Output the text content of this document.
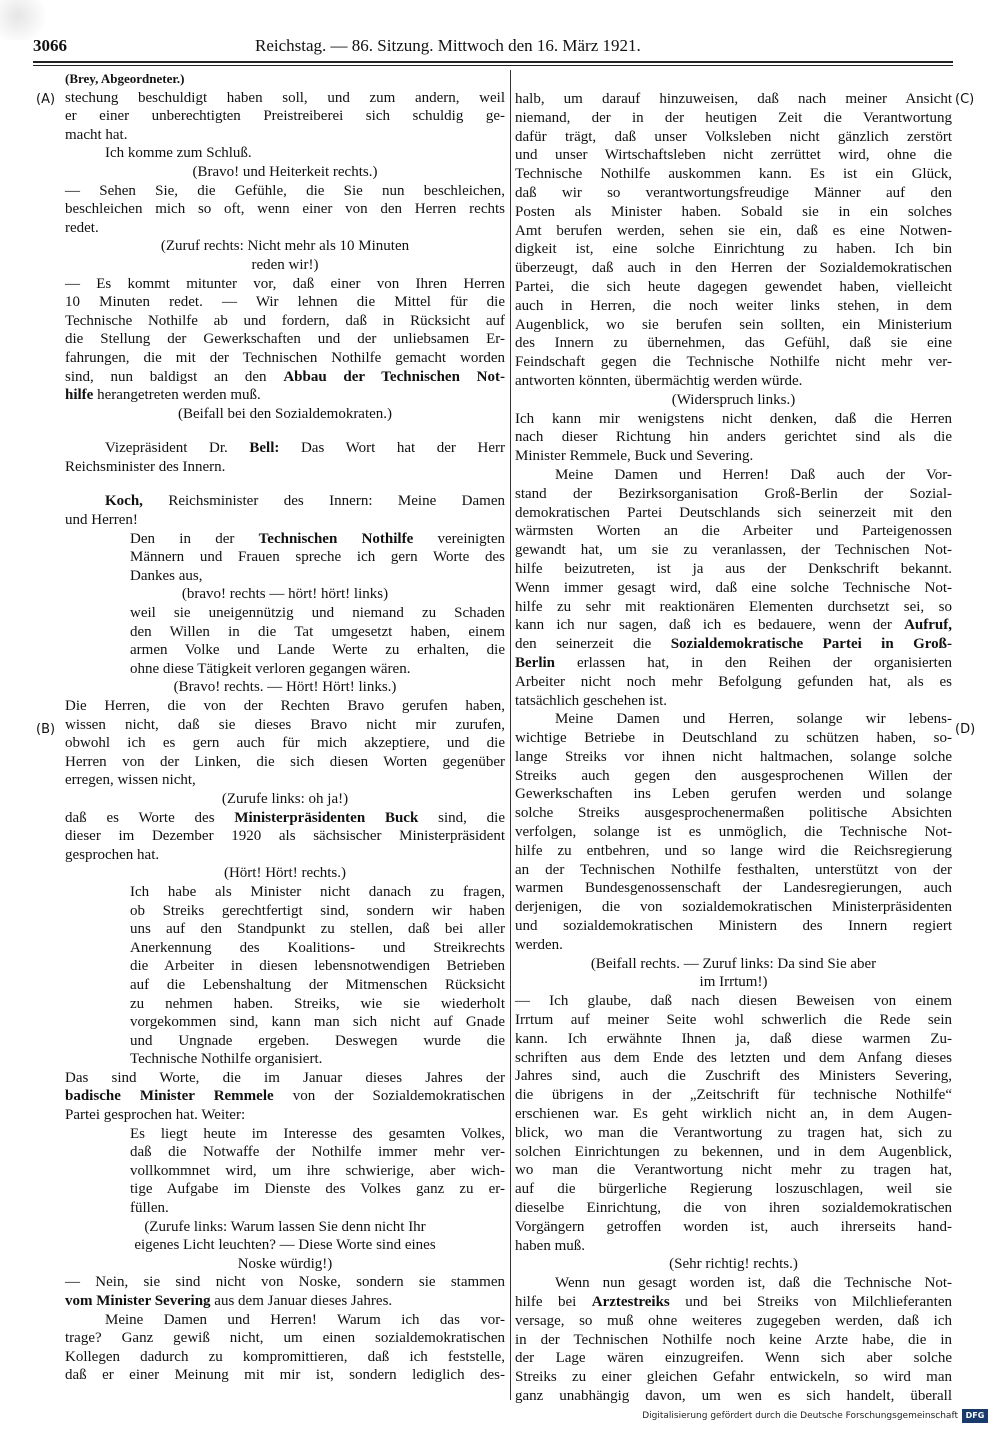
3066	Reichstag. — 86. Sitzung. Mittwoch den 16. März 1921.
(A)
(B)
(C)
(D)
(Brey, Abgeordneter.)
stechung beschuldigt haben soll, und zum andern, weil
er einer unberechtigten Preistreiberei sich schuldig ge-
macht hat.
Ich komme zum Schluß.
(Bravo! und Heiterkeit rechts.)
— Sehen Sie, die Gefühle, die Sie nun beschleichen,
beschleichen mich so oft, wenn einer von den Herren rechts
redet.
(Zuruf rechts: Nicht mehr als 10 Minuten
reden wir!)
— Es kommt mitunter vor, daß einer von Ihren Herren
10 Minuten redet. — Wir lehnen die Mittel für die
Technische Nothilfe ab und fordern, daß in Rücksicht auf
die Stellung der Gewerkschaften und der unliebsamen Er-
fahrungen, die mit der Technischen Nothilfe gemacht worden
sind, nun baldigst an den Abbau der Technischen Not-
hilfe herangetreten werden muß.
(Beifall bei den Sozialdemokraten.)
Vizepräsident Dr. Bell: Das Wort hat der Herr
Reichsminister des Innern.
Koch, Reichsminister des Innern: Meine Damen
und Herren!
Den in der Technischen Nothilfe vereinigten
Männern und Frauen spreche ich gern Worte des
Dankes aus,
(bravo! rechts — hört! hört! links)
weil sie uneigennützig und niemand zu Schaden
den Willen in die Tat umgesetzt haben, einem
armen Volke und Lande Werte zu erhalten, die
ohne diese Tätigkeit verloren gegangen wären.
(Bravo! rechts. — Hört! Hört! links.)
Die Herren, die von der Rechten Bravo gerufen haben,
wissen nicht, daß sie dieses Bravo nicht mir zurufen,
obwohl ich es gern auch für mich akzeptiere, und die
Herren von der Linken, die sich diesen Worten gegenüber
erregen, wissen nicht,
(Zurufe links: oh ja!)
daß es Worte des Ministerpräsidenten Buck sind, die
dieser im Dezember 1920 als sächsischer Ministerpräsident
gesprochen hat.
(Hört! Hört! rechts.)
Ich habe als Minister nicht danach zu fragen,
ob Streiks gerechtfertigt sind, sondern wir haben
uns auf den Standpunkt zu stellen, daß bei aller
Anerkennung des Koalitions- und Streikrechts
die Arbeiter in diesen lebensnotwendigen Betrieben
auf die Lebenshaltung der Mitmenschen Rücksicht
zu nehmen haben. Streiks, wie sie wiederholt
vorgekommen sind, kann man sich nicht auf Gnade
und Ungnade ergeben. Deswegen wurde die
Technische Nothilfe organisiert.
Das sind Worte, die im Januar dieses Jahres der
badische Minister Remmele von der Sozialdemokratischen
Partei gesprochen hat. Weiter:
Es liegt heute im Interesse des gesamten Volkes,
daß die Notwaffe der Nothilfe immer mehr ver-
vollkommnet wird, um ihre schwierige, aber wich-
tige Aufgabe im Dienste des Volkes ganz zu er-
füllen.
(Zurufe links: Warum lassen Sie denn nicht Ihr
eigenes Licht leuchten? — Diese Worte sind eines
Noske würdig!)
— Nein, sie sind nicht von Noske, sondern sie stammen
vom Minister Severing aus dem Januar dieses Jahres.
Meine Damen und Herren! Warum ich das vor-
trage? Ganz gewiß nicht, um einen sozialdemokratischen
Kollegen dadurch zu kompromittieren, daß ich feststelle,
daß er einer Meinung mit mir ist, sondern lediglich des-
halb, um darauf hinzuweisen, daß nach meiner Ansicht
niemand, der in der heutigen Zeit die Verantwortung
dafür trägt, daß unser Volksleben nicht gänzlich zerstört
und unser Wirtschaftsleben nicht zerrüttet wird, ohne die
Technische Nothilfe auskommen kann. Es ist ein Glück,
daß wir so verantwortungsfreudige Männer auf den
Posten als Minister haben. Sobald sie in ein solches
Amt berufen werden, sehen sie ein, daß es eine Notwen-
digkeit ist, eine solche Einrichtung zu haben. Ich bin
überzeugt, daß auch in den Herren der Sozialdemokratischen
Partei, die sich heute dagegen gewendet haben, vielleicht
auch in Herren, die noch weiter links stehen, in dem
Augenblick, wo sie berufen sein sollten, ein Ministerium
des Innern zu übernehmen, das Gefühl, daß sie eine
Feindschaft gegen die Technische Nothilfe nicht mehr ver-
antworten könnten, übermächtig werden würde.
(Widerspruch links.)
Ich kann mir wenigstens nicht denken, daß die Herren
nach dieser Richtung hin anders gerichtet sind als die
Minister Remmele, Buck und Severing.
Meine Damen und Herren! Daß auch der Vor-
stand der Bezirksorganisation Groß-Berlin der Sozial-
demokratischen Partei Deutschlands sich seinerzeit mit den
wärmsten Worten an die Arbeiter und Parteigenossen
gewandt hat, um sie zu veranlassen, der Technischen Not-
hilfe beizutreten, ist ja aus der Denkschrift bekannt.
Wenn immer gesagt wird, daß eine solche Technische Not-
hilfe zu sehr mit reaktionären Elementen durchsetzt sei, so
kann ich nur sagen, daß ich es bedauere, wenn der Aufruf,
den seinerzeit die Sozialdemokratische Partei in Groß-
Berlin erlassen hat, in den Reihen der organisierten
Arbeiter nicht noch mehr Befolgung gefunden hat, als es
tatsächlich geschehen ist.
Meine Damen und Herren, solange wir lebens-
wichtige Betriebe in Deutschland zu schützen haben, so-
lange Streiks vor ihnen nicht haltmachen, solange solche
Streiks auch gegen den ausgesprochenen Willen der
Gewerkschaften ins Leben gerufen werden und solange
solche Streiks ausgesprochenermaßen politische Absichten
verfolgen, solange ist es unmöglich, die Technische Not-
hilfe zu entbehren, und so lange wird die Reichsregierung
an der Technischen Nothilfe festhalten, unterstützt von der
warmen Bundesgenossenschaft der Landesregierungen, auch
derjenigen, die von sozialdemokratischen Ministerpräsidenten
und sozialdemokratischen Ministern des Innern regiert
werden.
(Beifall rechts. — Zuruf links: Da sind Sie aber
im Irrtum!)
— Ich glaube, daß nach diesen Beweisen von einem
Irrtum auf meiner Seite wohl schwerlich die Rede sein
kann. Ich erwähnte Ihnen ja, daß diese warmen Zu-
schriften aus dem Ende des letzten und dem Anfang dieses
Jahres sind, auch die Zuschrift des Ministers Severing,
die übrigens in der „Zeitschrift für technische Nothilfe“
erschienen war. Es geht wirklich nicht an, in dem Augen-
blick, wo man die Verantwortung zu tragen hat, sich zu
solchen Einrichtungen zu bekennen, und in dem Augenblick,
wo man die Verantwortung nicht mehr zu tragen hat,
auf die bürgerliche Regierung loszuschlagen, weil sie
dieselbe Einrichtung, die von ihren sozialdemokratischen
Vorgängern getroffen worden ist, auch ihrerseits hand-
haben muß.
(Sehr richtig! rechts.)
Wenn nun gesagt worden ist, daß die Technische Not-
hilfe bei Arztestreiks und bei Streiks von Milchlieferanten
versage, so muß ohne weiteres zugegeben werden, daß ich
in der Technischen Nothilfe noch keine Arzte habe, die in
der Lage wären einzugreifen. Wenn sich aber solche
Streiks zu einer gleichen Gefahr entwickeln, so wird man
ganz unabhängig davon, um wen es sich handelt, überall
Digitalisierung gefördert durch die Deutsche Forschungsgemeinschaft DFG
